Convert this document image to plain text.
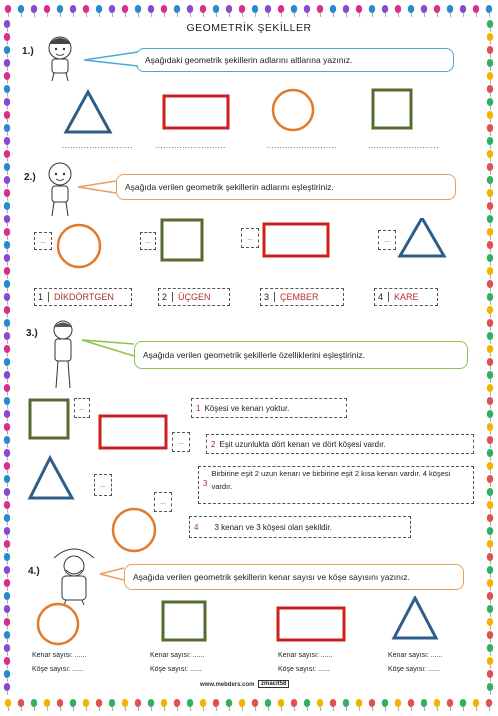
GEOMETRİK ŞEKİLLER
1.)
Aşağıdaki geometrik şekillerin adlarını altlarına yazınız.
..........................	..........................	..........................	..........................
2.)
Aşağıda verilen geometrik şekillerin adlarını eşleştiriniz.
...	...	...	...
1	DİKDÖRTGEN	2	ÜÇGEN	3	ÇEMBER	4	KARE
3.)
Aşağıda verilen geometrik şekillerle özelliklerini eşleştiriniz.
...
...
...
...
1 Köşesi ve kenarı yoktur.
2 Eşit uzunlukta dört kenarı ve dört köşesi vardır.
3
Birbirine eşit 2 uzun kenarı ve birbirine eşit 2 kısa kenarı vardır. 4 köşesi vardır.
4	3 kenarı ve 3 köşesi olan şekildir.
4.)	Aşağıda verilen geometrik şekillerin kenar sayısı ve köşe sayısını yazınız.
Kenar sayısı: ......
Köşe sayısı: ......
Kenar sayısı: ......
Köşe sayısı: ......
Kenar sayısı: ......
Köşe sayısı: ......
Kenar sayısı: ......
Köşe sayısı: ......
www.mebders.com	zmacit58
